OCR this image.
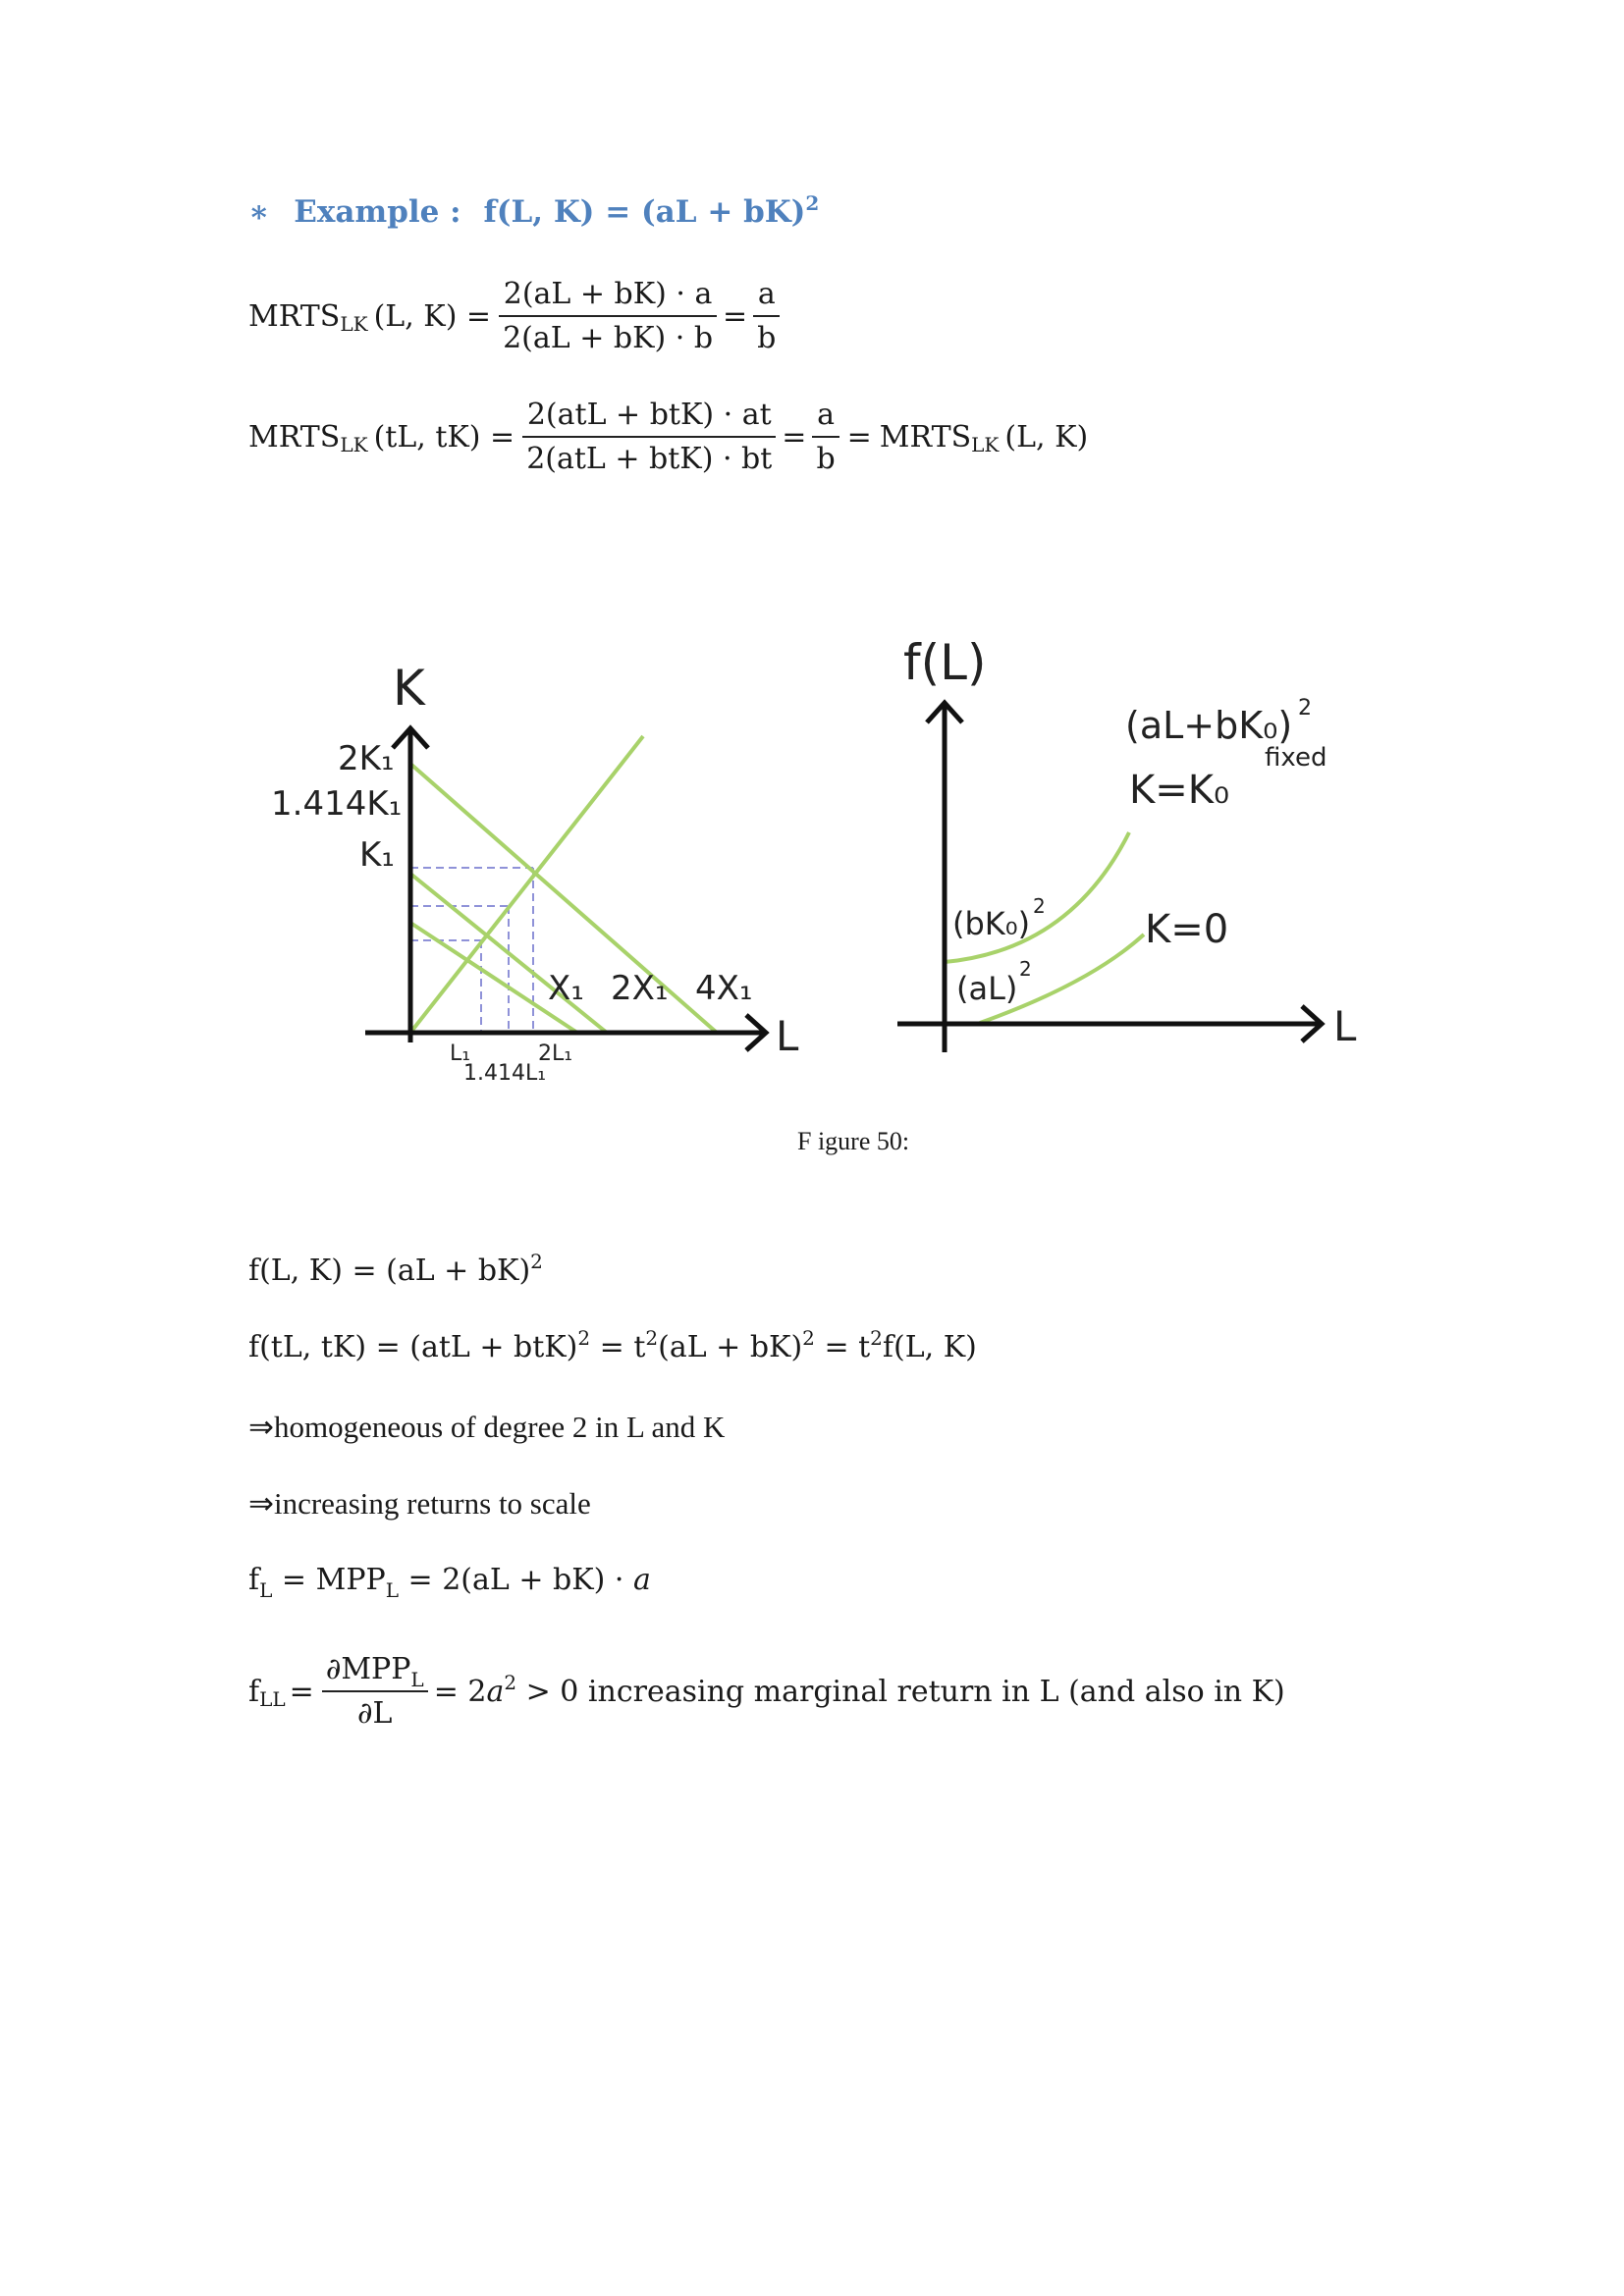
∗ Example : f(L, K) = (aL + bK)$^2$
MRTS LK (L, $K) = \frac{2(aL + bK) \cdot a}{2(aL + bK) \cdot b} = \frac{a}{b}$
MRTS LK (tL, $tK) = \frac{\text{2(atL + btK) · at}}{\text{2(atL + btK) · bt}} = \frac{a}{b}$ = MRTS LK (L, K)
K
L
2K₁
1.414K₁
K₁
X₁ 2X₁ 4X₁
L₁	2L₁
1.414L₁
f(L)
L
(aL+bK₀) 2
fixed
K=K₀
K=0
(bK₀) 2
(aL)
2
F igure 50:
f(L, K) = (aL + bK)$^2$
f(tL, $tK) = (atL + btK)^2 = t^2(aL + bK)^2 = t^2f(L$, K)
⇒homogeneous of degree 2 in L and K
⇒increasing returns to scale
$f_L = MPP_L = 2(aL + bK) \cdot a$
f LL = $\frac{\partial MPP_L}{\partial L} = 2a^2 > 0$ increasing marginal return in L (and also in K)
